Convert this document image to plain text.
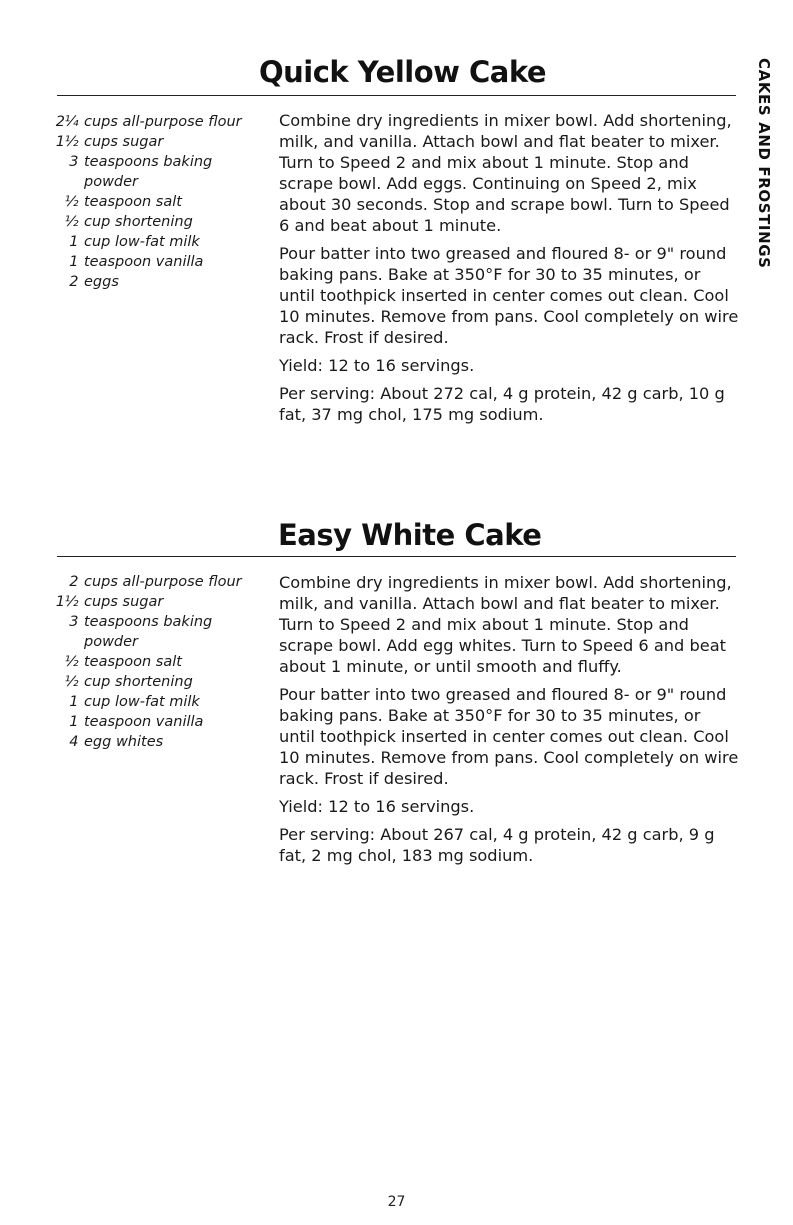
CAKES AND FROSTINGS
Quick Yellow Cake
2¼ cups all-purpose flour
1½ cups sugar
3 teaspoons baking powder
½ teaspoon salt
½ cup shortening
1 cup low-fat milk
1 teaspoon vanilla
2 eggs

Combine dry ingredients in mixer bowl. Add shortening, milk, and vanilla. Attach bowl and flat beater to mixer. Turn to Speed 2 and mix about 1 minute. Stop and scrape bowl. Add eggs. Continuing on Speed 2, mix about 30 seconds. Stop and scrape bowl. Turn to Speed 6 and beat about 1 minute.

Pour batter into two greased and floured 8- or 9" round baking pans. Bake at 350°F for 30 to 35 minutes, or until toothpick inserted in center comes out clean. Cool 10 minutes. Remove from pans. Cool completely on wire rack. Frost if desired.

Yield: 12 to 16 servings.

Per serving: About 272 cal, 4 g protein, 42 g carb, 10 g fat, 37 mg chol, 175 mg sodium.

Easy White Cake
2 cups all-purpose flour
1½ cups sugar
3 teaspoons baking powder
½ teaspoon salt
½ cup shortening
1 cup low-fat milk
1 teaspoon vanilla
4 egg whites

Combine dry ingredients in mixer bowl. Add shortening, milk, and vanilla. Attach bowl and flat beater to mixer. Turn to Speed 2 and mix about 1 minute. Stop and scrape bowl. Add egg whites. Turn to Speed 6 and beat about 1 minute, or until smooth and fluffy.

Pour batter into two greased and floured 8- or 9" round baking pans. Bake at 350°F for 30 to 35 minutes, or until toothpick inserted in center comes out clean. Cool 10 minutes. Remove from pans. Cool completely on wire rack. Frost if desired.

Yield: 12 to 16 servings.

Per serving: About 267 cal, 4 g protein, 42 g carb, 9 g fat, 2 mg chol, 183 mg sodium.

27
